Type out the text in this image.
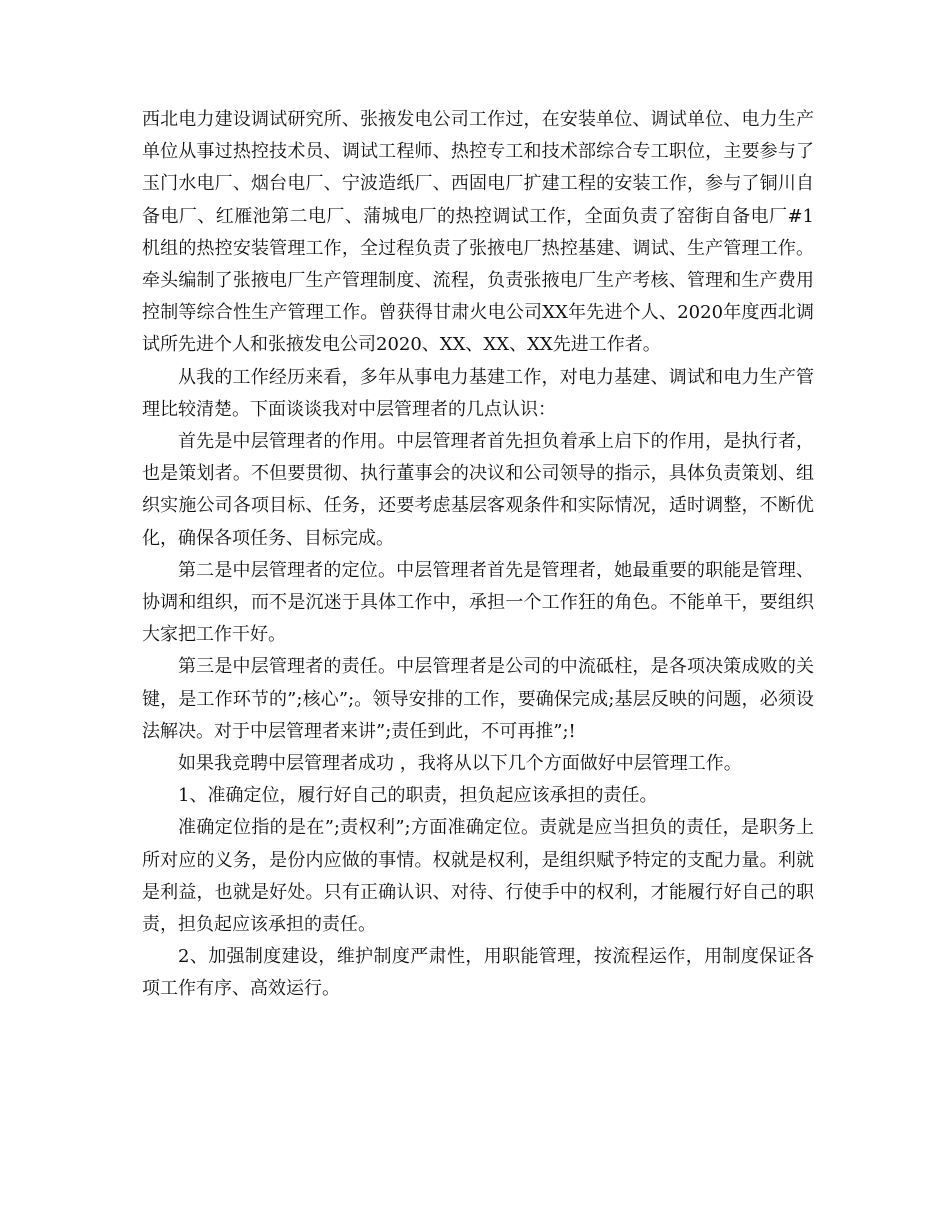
西北电力建设调试研究所、张掖发电公司工作过，在安装单位、调试单位、电力生产单位从事过热控技术员、调试工程师、热控专工和技术部综合专工职位，主要参与了玉门水电厂、烟台电厂、宁波造纸厂、西固电厂扩建工程的安装工作，参与了铜川自备电厂、红雁池第二电厂、蒲城电厂的热控调试工作，全面负责了窑街自备电厂#1机组的热控安装管理工作，全过程负责了张掖电厂热控基建、调试、生产管理工作。牵头编制了张掖电厂生产管理制度、流程，负责张掖电厂生产考核、管理和生产费用控制等综合性生产管理工作。曾获得甘肃火电公司XX年先进个人、2020年度西北调试所先进个人和张掖发电公司2020、XX、XX、XX先进工作者。

从我的工作经历来看，多年从事电力基建工作，对电力基建、调试和电力生产管理比较清楚。下面谈谈我对中层管理者的几点认识：

首先是中层管理者的作用。中层管理者首先担负着承上启下的作用，是执行者，也是策划者。不但要贯彻、执行董事会的决议和公司领导的指示，具体负责策划、组织实施公司各项目标、任务，还要考虑基层客观条件和实际情况，适时调整，不断优化，确保各项任务、目标完成。

第二是中层管理者的定位。中层管理者首先是管理者，她最重要的职能是管理、协调和组织，而不是沉迷于具体工作中，承担一个工作狂的角色。不能单干，要组织大家把工作干好。

第三是中层管理者的责任。中层管理者是公司的中流砥柱，是各项决策成败的关键，是工作环节的”;核心”;。领导安排的工作，要确保完成;基层反映的问题，必须设法解决。对于中层管理者来讲”;责任到此，不可再推”;!

如果我竞聘中层管理者成功 ，我将从以下几个方面做好中层管理工作。

1、准确定位，履行好自己的职责，担负起应该承担的责任。

准确定位指的是在”;责权利”;方面准确定位。责就是应当担负的责任，是职务上所对应的义务，是份内应做的事情。权就是权利，是组织赋予特定的支配力量。利就是利益，也就是好处。只有正确认识、对待、行使手中的权利，才能履行好自己的职责，担负起应该承担的责任。

2、加强制度建设，维护制度严肃性，用职能管理，按流程运作，用制度保证各项工作有序、高效运行。
